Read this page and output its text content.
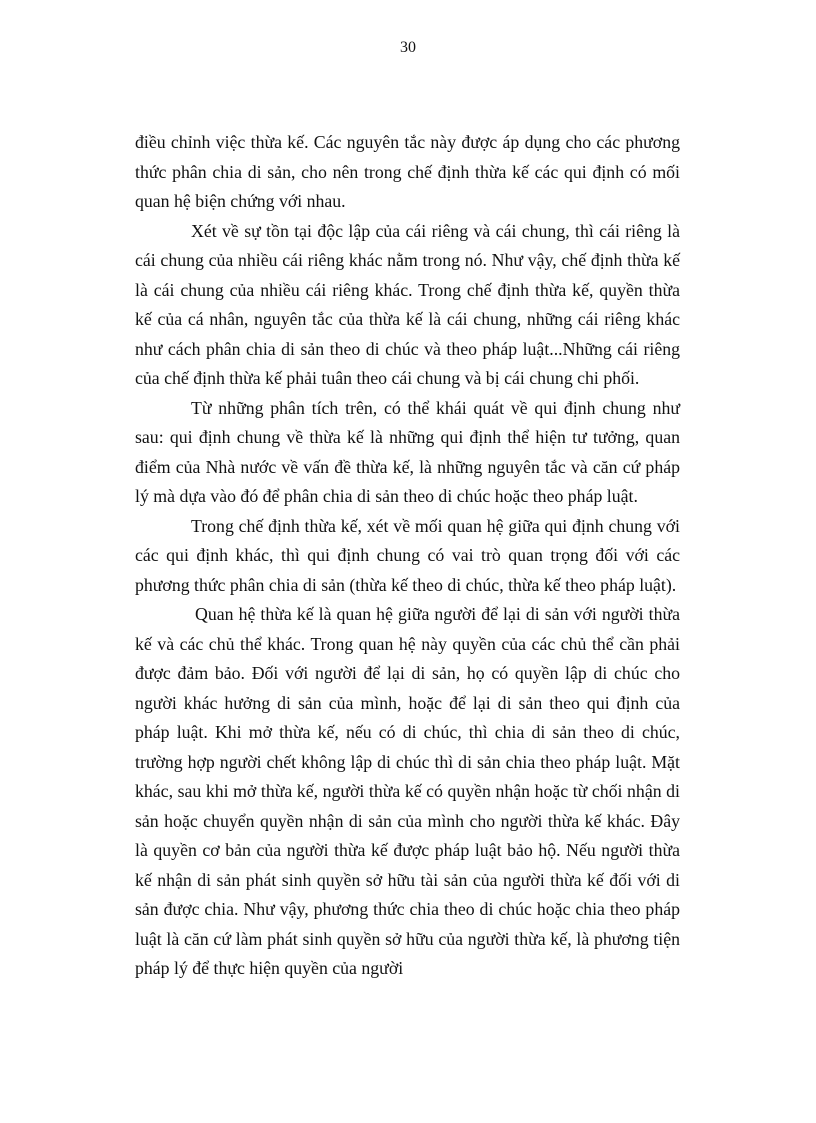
30

điều chỉnh việc thừa kế. Các nguyên tắc này được áp dụng cho các phương thức phân chia di sản, cho nên trong chế định thừa kế các qui định có mối quan hệ biện chứng với nhau.

Xét về sự tồn tại độc lập của cái riêng và cái chung, thì cái riêng là cái chung của nhiều cái riêng khác nằm trong nó. Như vậy, chế định thừa kế là cái chung của nhiều cái riêng khác. Trong chế định thừa kế, quyền thừa kế của cá nhân, nguyên tắc của thừa kế là cái chung, những cái riêng khác như cách phân chia di sản theo di chúc và theo pháp luật...Những cái riêng của chế định thừa kế phải tuân theo cái chung và bị cái chung chi phối.

Từ những phân tích trên, có thể khái quát về qui định chung như sau: qui định chung về thừa kế là những qui định thể hiện tư tưởng, quan điểm của Nhà nước về vấn đề thừa kế, là những nguyên tắc và căn cứ pháp lý mà dựa vào đó để phân chia di sản theo di chúc hoặc theo pháp luật.

Trong chế định thừa kế, xét về mối quan hệ giữa qui định chung với các qui định khác, thì qui định chung có vai trò quan trọng đối với các phương thức phân chia di sản (thừa kế theo di chúc, thừa kế theo pháp luật).

Quan hệ thừa kế là quan hệ giữa người để lại di sản với người thừa kế và các chủ thể khác. Trong quan hệ này quyền của các chủ thể cần phải được đảm bảo. Đối với người để lại di sản, họ có quyền lập di chúc cho người khác hưởng di sản của mình, hoặc để lại di sản theo qui định của pháp luật. Khi mở thừa kế, nếu có di chúc, thì chia di sản theo di chúc, trường hợp người chết không lập di chúc thì di sản chia theo pháp luật. Mặt khác, sau khi mở thừa kế, người thừa kế có quyền nhận hoặc từ chối nhận di sản hoặc chuyển quyền nhận di sản của mình cho người thừa kế khác. Đây là quyền cơ bản của người thừa kế được pháp luật bảo hộ. Nếu người thừa kế nhận di sản phát sinh quyền sở hữu tài sản của người thừa kế đối với di sản được chia. Như vậy, phương thức chia theo di chúc hoặc chia theo pháp luật là căn cứ làm phát sinh quyền sở hữu của người thừa kế, là phương tiện pháp lý để thực hiện quyền của người
